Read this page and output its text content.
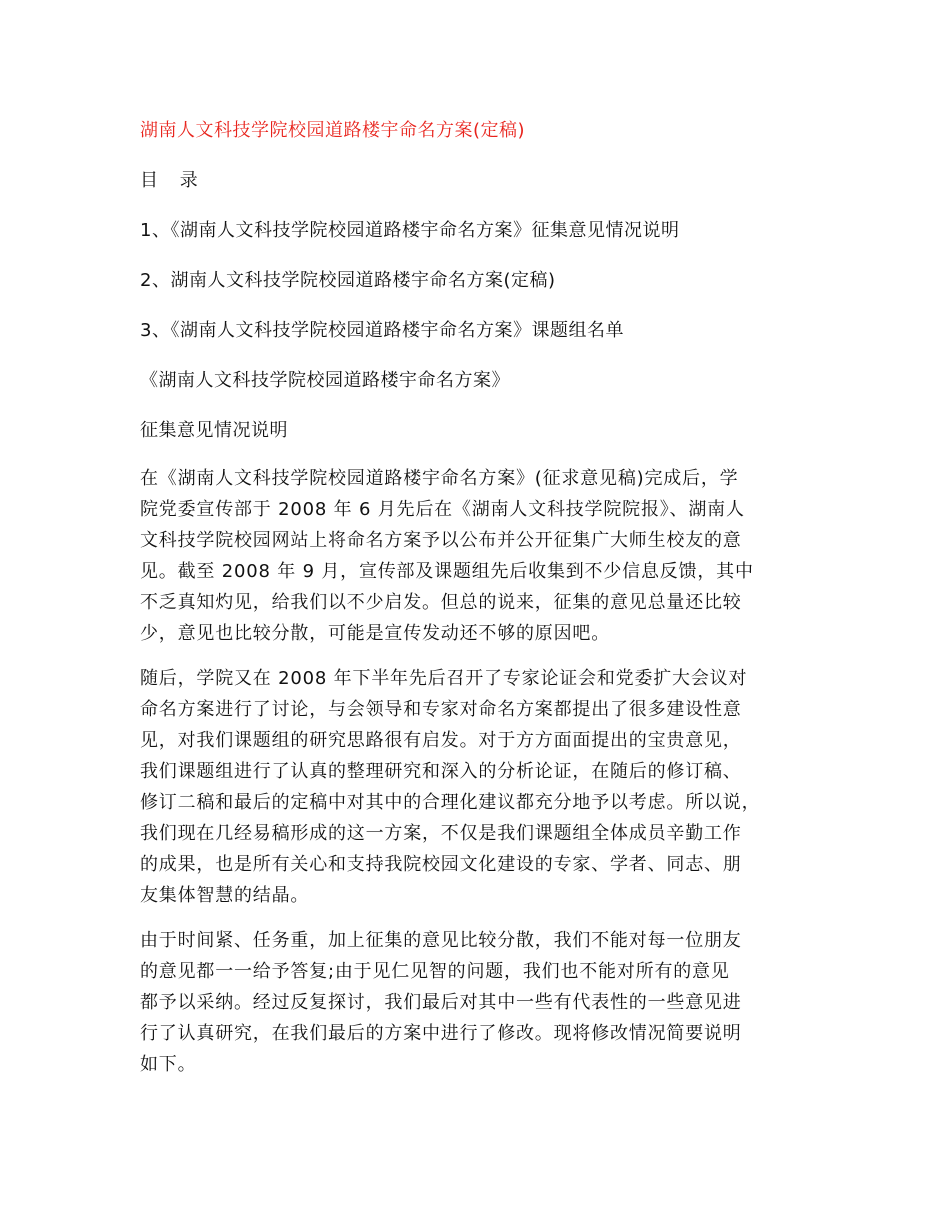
湖南人文科技学院校园道路楼宇命名方案(定稿)
目 录
1、《湖南人文科技学院校园道路楼宇命名方案》征集意见情况说明
2、湖南人文科技学院校园道路楼宇命名方案(定稿)
3、《湖南人文科技学院校园道路楼宇命名方案》课题组名单
《湖南人文科技学院校园道路楼宇命名方案》
征集意见情况说明
在《湖南人文科技学院校园道路楼宇命名方案》(征求意见稿)完成后，学
院党委宣传部于 2008 年 6 月先后在《湖南人文科技学院院报》、湖南人
文科技学院校园网站上将命名方案予以公布并公开征集广大师生校友的意
见。截至 2008 年 9 月，宣传部及课题组先后收集到不少信息反馈，其中
不乏真知灼见，给我们以不少启发。但总的说来，征集的意见总量还比较
少，意见也比较分散，可能是宣传发动还不够的原因吧。
随后，学院又在 2008 年下半年先后召开了专家论证会和党委扩大会议对
命名方案进行了讨论，与会领导和专家对命名方案都提出了很多建设性意
见，对我们课题组的研究思路很有启发。对于方方面面提出的宝贵意见，
我们课题组进行了认真的整理研究和深入的分析论证，在随后的修订稿、
修订二稿和最后的定稿中对其中的合理化建议都充分地予以考虑。所以说，
我们现在几经易稿形成的这一方案，不仅是我们课题组全体成员辛勤工作
的成果，也是所有关心和支持我院校园文化建设的专家、学者、同志、朋
友集体智慧的结晶。
由于时间紧、任务重，加上征集的意见比较分散，我们不能对每一位朋友
的意见都一一给予答复;由于见仁见智的问题，我们也不能对所有的意见
都予以采纳。经过反复探讨，我们最后对其中一些有代表性的一些意见进
行了认真研究，在我们最后的方案中进行了修改。现将修改情况简要说明
如下。
